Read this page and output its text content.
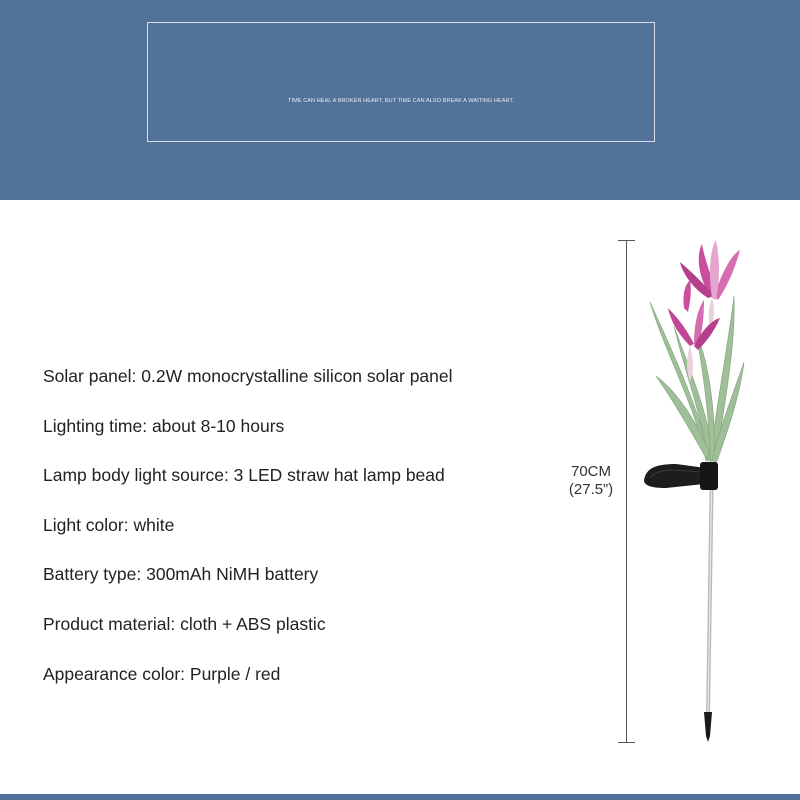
TIME CAN HEAL A BROKEN HEART, BUT TIME CAN ALSO BREAK A WAITING HEART.
Solar panel: 0.2W monocrystalline silicon solar panel
Lighting time: about 8-10 hours
Lamp body light source: 3 LED straw hat lamp bead
Light color: white
Battery type: 300mAh NiMH battery
Product material: cloth + ABS plastic
Appearance color: Purple / red
70CM
(27.5”)
